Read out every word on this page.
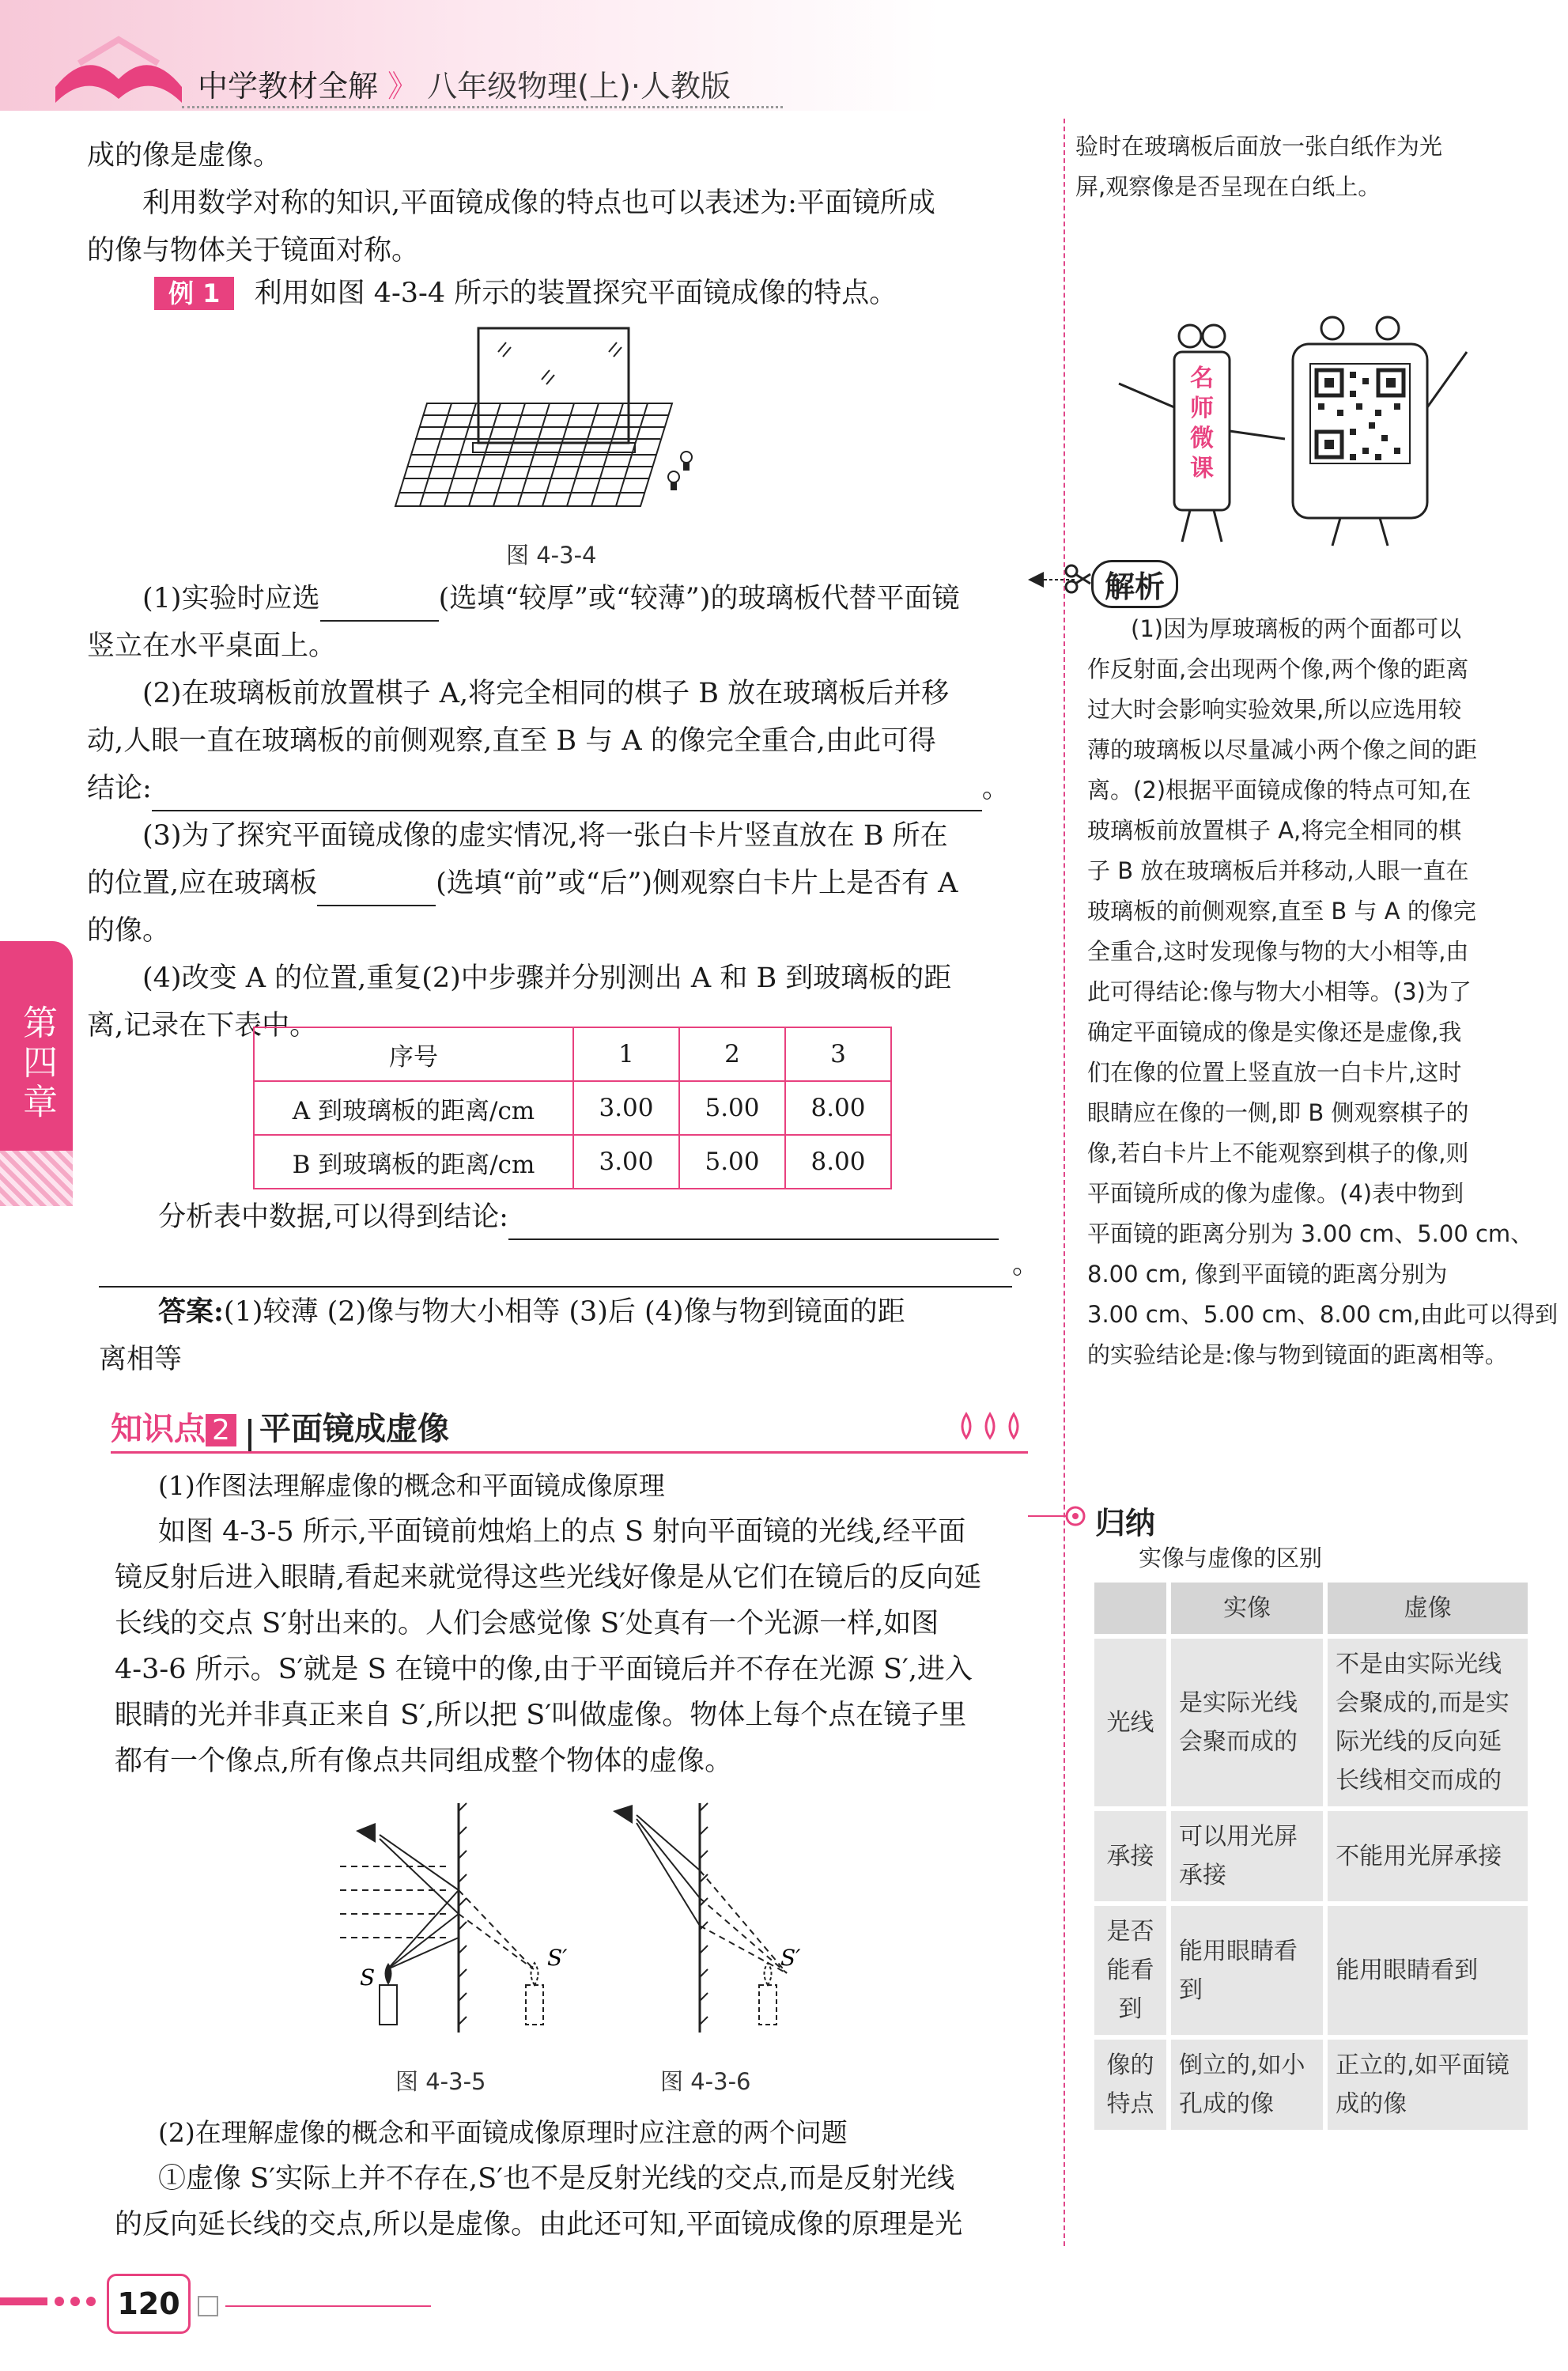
中学教材全解 》 八年级物理(上)·人教版
第四章
成的像是虚像。
利用数学对称的知识,平面镜成像的特点也可以表述为:平面镜所成
的像与物体关于镜面对称。
例 1 利用如图 4-3-4 所示的装置探究平面镜成像的特点。
图 4-3-4
(1)实验时应选	(选填“较厚”或“较薄”)的玻璃板代替平面镜
竖立在水平桌面上。
(2)在玻璃板前放置棋子 A,将完全相同的棋子 B 放在玻璃板后并移
动,人眼一直在玻璃板的前侧观察,直至 B 与 A 的像完全重合,由此可得
结论:	。
(3)为了探究平面镜成像的虚实情况,将一张白卡片竖直放在 B 所在
的位置,应在玻璃板	(选填“前”或“后”)侧观察白卡片上是否有 A
的像。
(4)改变 A 的位置,重复(2)中步骤并分别测出 A 和 B 到玻璃板的距
离,记录在下表中。
序号	1	2	3
A 到玻璃板的距离/cm	3.00	5.00	8.00
B 到玻璃板的距离/cm	3.00	5.00	8.00
分析表中数据,可以得到结论:
。
答案:(1)较薄 (2)像与物大小相等 (3)后 (4)像与物到镜面的距
离相等
知识点 2 平面镜成虚像
(1)作图法理解虚像的概念和平面镜成像原理
如图 4-3-5 所示,平面镜前烛焰上的点 S 射向平面镜的光线,经平面
镜反射后进入眼睛,看起来就觉得这些光线好像是从它们在镜后的反向延
长线的交点 S′射出来的。人们会感觉像 S′处真有一个光源一样,如图
4-3-6 所示。S′就是 S 在镜中的像,由于平面镜后并不存在光源 S′,进入
眼睛的光并非真正来自 S′,所以把 S′叫做虚像。物体上每个点在镜子里
都有一个像点,所有像点共同组成整个物体的虚像。
S
S′
图 4-3-5
S′
图 4-3-6
(2)在理解虚像的概念和平面镜成像原理时应注意的两个问题
①虚像 S′实际上并不存在,S′也不是反射光线的交点,而是反射光线
的反向延长线的交点,所以是虚像。由此还可知,平面镜成像的原理是光
验时在玻璃板后面放一张白纸作为光
屏,观察像是否呈现在白纸上。
名
师
微
课
解析
(1)因为厚玻璃板的两个面都可以
作反射面,会出现两个像,两个像的距离
过大时会影响实验效果,所以应选用较
薄的玻璃板以尽量减小两个像之间的距
离。(2)根据平面镜成像的特点可知,在
玻璃板前放置棋子 A,将完全相同的棋
子 B 放在玻璃板后并移动,人眼一直在
玻璃板的前侧观察,直至 B 与 A 的像完
全重合,这时发现像与物的大小相等,由
此可得结论:像与物大小相等。(3)为了
确定平面镜成的像是实像还是虚像,我
们在像的位置上竖直放一白卡片,这时
眼睛应在像的一侧,即 B 侧观察棋子的
像,若白卡片上不能观察到棋子的像,则
平面镜所成的像为虚像。(4)表中物到
平面镜的距离分别为 3.00 cm、5.00 cm、
8.00 cm, 像到平面镜的距离分别为
3.00 cm、5.00 cm、8.00 cm,由此可以得到
的实验结论是:像与物到镜面的距离相等。
归纳
实像与虚像的区别
	实像	虚像
光线	是实际光线会聚而成的	不是由实际光线会聚成的,而是实际光线的反向延长线相交而成的
承接	可以用光屏承接	不能用光屏承接
是否能看到	能用眼睛看到	能用眼睛看到
像的特点	倒立的,如小孔成的像	正立的,如平面镜成的像
120
